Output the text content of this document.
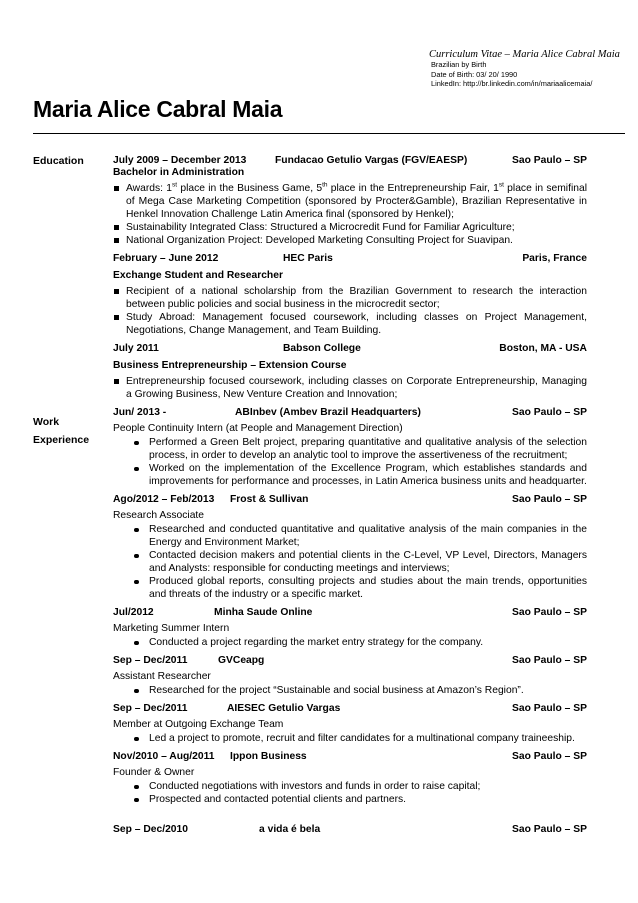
Curriculum Vitae – Maria Alice Cabral Maia
Brazilian by Birth
Date of Birth: 03/ 20/ 1990
LinkedIn: http://br.linkedin.com/in/mariaalicemaia/
Maria Alice Cabral Maia
Education
Work
Experience
July 2009 – December 2013	Fundacao Getulio Vargas (FGV/EAESP)	Sao Paulo – SP
Bachelor in Administration
Awards: 1st place in the Business Game, 5th place in the Entrepreneurship Fair, 1st place in semifinal of Mega Case Marketing Competition (sponsored by Procter&Gamble), Brazilian Representative in Henkel Innovation Challenge Latin America final (sponsored by Henkel);
Sustainability Integrated Class: Structured a Microcredit Fund for Familiar Agriculture;
National Organization Project: Developed Marketing Consulting Project for Suavipan.
February – June 2012	HEC Paris	Paris, France
Exchange Student and Researcher
Recipient of a national scholarship from the Brazilian Government to research the interaction between public policies and social business in the microcredit sector;
Study Abroad: Management focused coursework, including classes on Project Management, Negotiations, Change Management, and Team Building.
July 2011	Babson College	Boston, MA - USA
Business Entrepreneurship – Extension Course
Entrepreneurship focused coursework, including classes on Corporate Entrepreneurship, Managing a Growing Business, New Venture Creation and Innovation;
Jun/ 2013 -	ABInbev (Ambev Brazil Headquarters)	Sao Paulo – SP
People Continuity Intern (at People and Management Direction)
Performed a Green Belt project, preparing quantitative and qualitative analysis of the selection process, in order to develop an analytic tool to improve the assertiveness of the recruitment;
Worked on the implementation of the Excellence Program, which establishes standards and improvements for performance and processes, in Latin America business units and headquarter.
Ago/2012 – Feb/2013	Frost & Sullivan	Sao Paulo – SP
Research Associate
Researched and conducted quantitative and qualitative analysis of the main companies in the Energy and Environment Market;
Contacted decision makers and potential clients in the C-Level, VP Level, Directors, Managers and Analysts: responsible for conducting meetings and interviews;
Produced global reports, consulting projects and studies about the main trends, opportunities and threats of the industry or a specific market.
Jul/2012	Minha Saude Online	Sao Paulo – SP
Marketing Summer Intern
Conducted a project regarding the market entry strategy for the company.
Sep – Dec/2011	GVCeapg	Sao Paulo – SP
Assistant Researcher
Researched for the project “Sustainable and social business at Amazon’s Region”.
Sep – Dec/2011	AIESEC Getulio Vargas	Sao Paulo – SP
Member at Outgoing Exchange Team
Led a project to promote, recruit and filter candidates for a multinational company traineeship.
Nov/2010 – Aug/2011	Ippon Business	Sao Paulo – SP
Founder & Owner
Conducted negotiations with investors and funds in order to raise capital;
Prospected and contacted potential clients and partners.
Sep – Dec/2010	a vida é bela	Sao Paulo – SP
